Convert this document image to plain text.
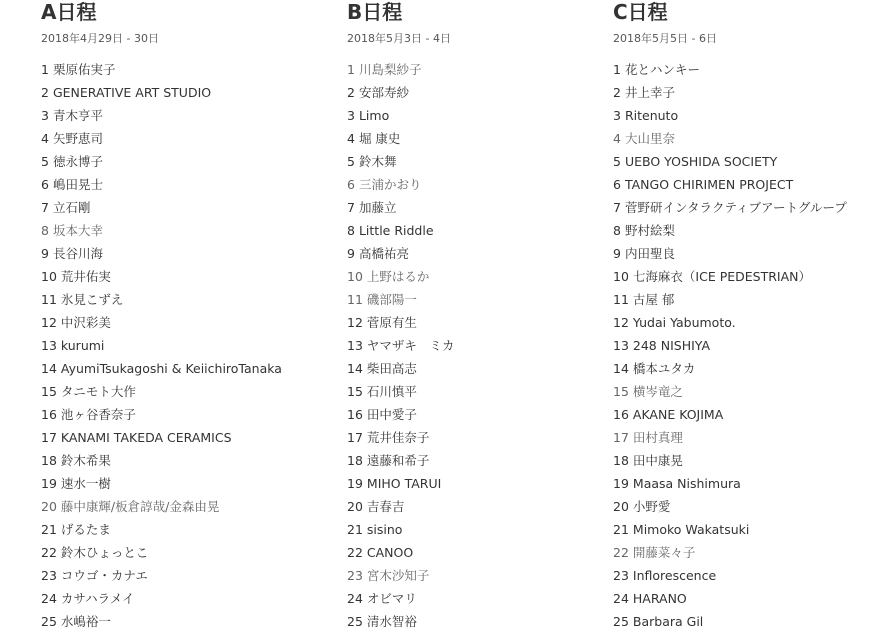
A日程
2018年4月29日 - 30日
1 栗原佑実子
2 GENERATIVE ART STUDIO
3 青木亨平
4 矢野恵司
5 徳永博子
6 嶋田晃士
7 立石剛
8 坂本大幸
9 長谷川海
10 荒井佑実
11 氷見こずえ
12 中沢彩美
13 kurumi
14 AyumiTsukagoshi & KeiichiroTanaka
15 タニモト大作
16 池ヶ谷香奈子
17 KANAMI TAKEDA CERAMICS
18 鈴木希果
19 速水一樹
20 藤中康輝/板倉諄哉/金森由晃
21 げるたま
22 鈴木ひょっとこ
23 コウゴ・カナエ
24 カサハラメイ
25 水嶋裕一
B日程
2018年5月3日 - 4日
1 川島梨紗子
2 安部寿紗
3 Limo
4 堀 康史
5 鈴木舞
6 三浦かおり
7 加藤立
8 Little Riddle
9 高橋祐亮
10 上野はるか
11 磯部陽一
12 菅原有生
13 ヤマザキ　ミカ
14 柴田高志
15 石川慎平
16 田中愛子
17 荒井佳奈子
18 遠藤和希子
19 MIHO TARUI
20 吉春吉
21 sisino
22 CANOO
23 宮木沙知子
24 オビマリ
25 清水智裕
C日程
2018年5月5日 - 6日
1 花とハンキー
2 井上幸子
3 Ritenuto
4 大山里奈
5 UEBO YOSHIDA SOCIETY
6 TANGO CHIRIMEN PROJECT
7 菅野研インタラクティブアートグループ
8 野村絵梨
9 内田聖良
10 七海麻衣（ICE PEDESTRIAN）
11 古屋 郁
12 Yudai Yabumoto.
13 248 NISHIYA
14 橋本ユタカ
15 横岑竜之
16 AKANE KOJIMA
17 田村真理
18 田中康晃
19 Maasa Nishimura
20 小野愛
21 Mimoko Wakatsuki
22 開藤菜々子
23 Inflorescence
24 HARANO
25 Barbara Gil
